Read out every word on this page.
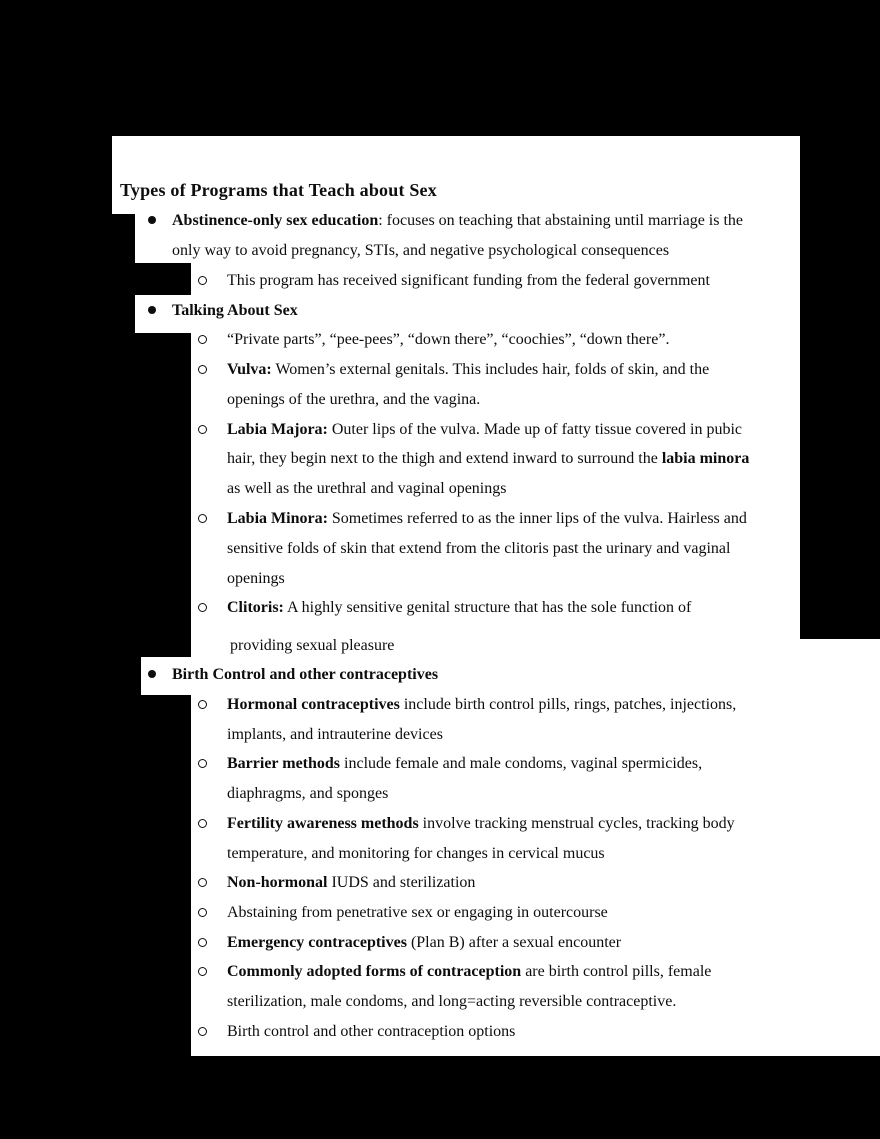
Types of Programs that Teach about Sex
Abstinence-only sex education: focuses on teaching that abstaining until marriage is the
only way to avoid pregnancy, STIs, and negative psychological consequences
This program has received significant funding from the federal government
Talking About Sex
“Private parts”, “pee-pees”, “down there”, “coochies”, “down there”.
Vulva: Women’s external genitals. This includes hair, folds of skin, and the
openings of the urethra, and the vagina.
Labia Majora: Outer lips of the vulva. Made up of fatty tissue covered in pubic
hair, they begin next to the thigh and extend inward to surround the labia minora
as well as the urethral and vaginal openings
Labia Minora: Sometimes referred to as the inner lips of the vulva. Hairless and
sensitive folds of skin that extend from the clitoris past the urinary and vaginal
openings
Clitoris: A highly sensitive genital structure that has the sole function of
providing sexual pleasure
Birth Control and other contraceptives
Hormonal contraceptives include birth control pills, rings, patches, injections,
implants, and intrauterine devices
Barrier methods include female and male condoms, vaginal spermicides,
diaphragms, and sponges
Fertility awareness methods involve tracking menstrual cycles, tracking body
temperature, and monitoring for changes in cervical mucus
Non-hormonal IUDS and sterilization
Abstaining from penetrative sex or engaging in outercourse
Emergency contraceptives (Plan B) after a sexual encounter
Commonly adopted forms of contraception are birth control pills, female
sterilization, male condoms, and long=acting reversible contraceptive.
Birth control and other contraception options
